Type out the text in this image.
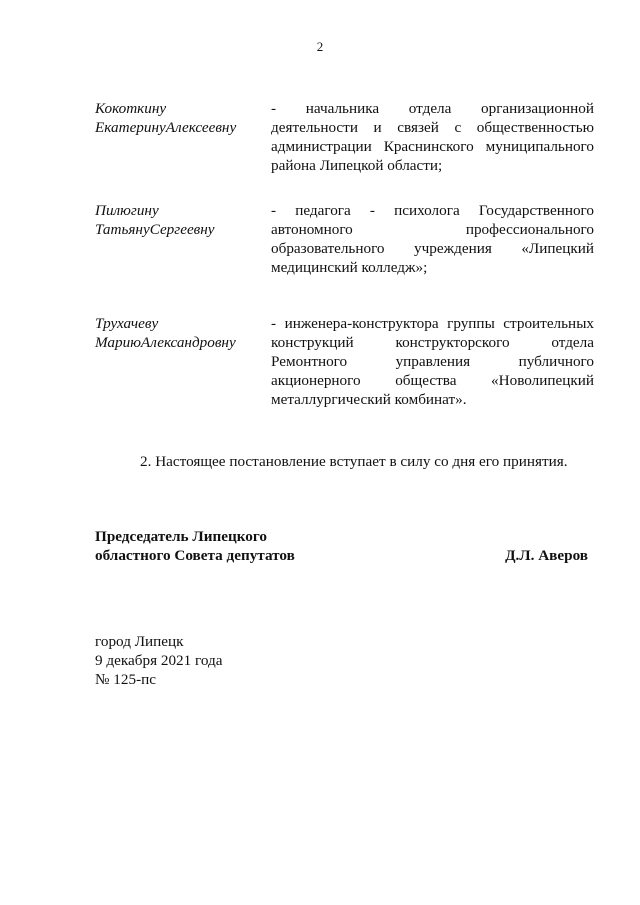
2
Кокоткину
ЕкатеринуАлексеевну
- начальника отдела организационной деятельности и связей с общественностью администрации Краснинского муниципального района Липецкой области;
Пилюгину
ТатьянуСергеевну
- педагога - психолога Государственного автономного профессионального образовательного учреждения «Липецкий медицинский колледж»;
Трухачеву
МариюАлександровну
- инженера-конструктора группы строительных конструкций конструкторского отдела Ремонтного управления публичного акционерного общества «Новолипецкий металлургический комбинат».
2. Настоящее постановление вступает в силу со дня его принятия.
Председатель Липецкого
областного Совета депутатов	Д.Л. Аверов
город Липецк
9 декабря 2021 года
№ 125-пс
